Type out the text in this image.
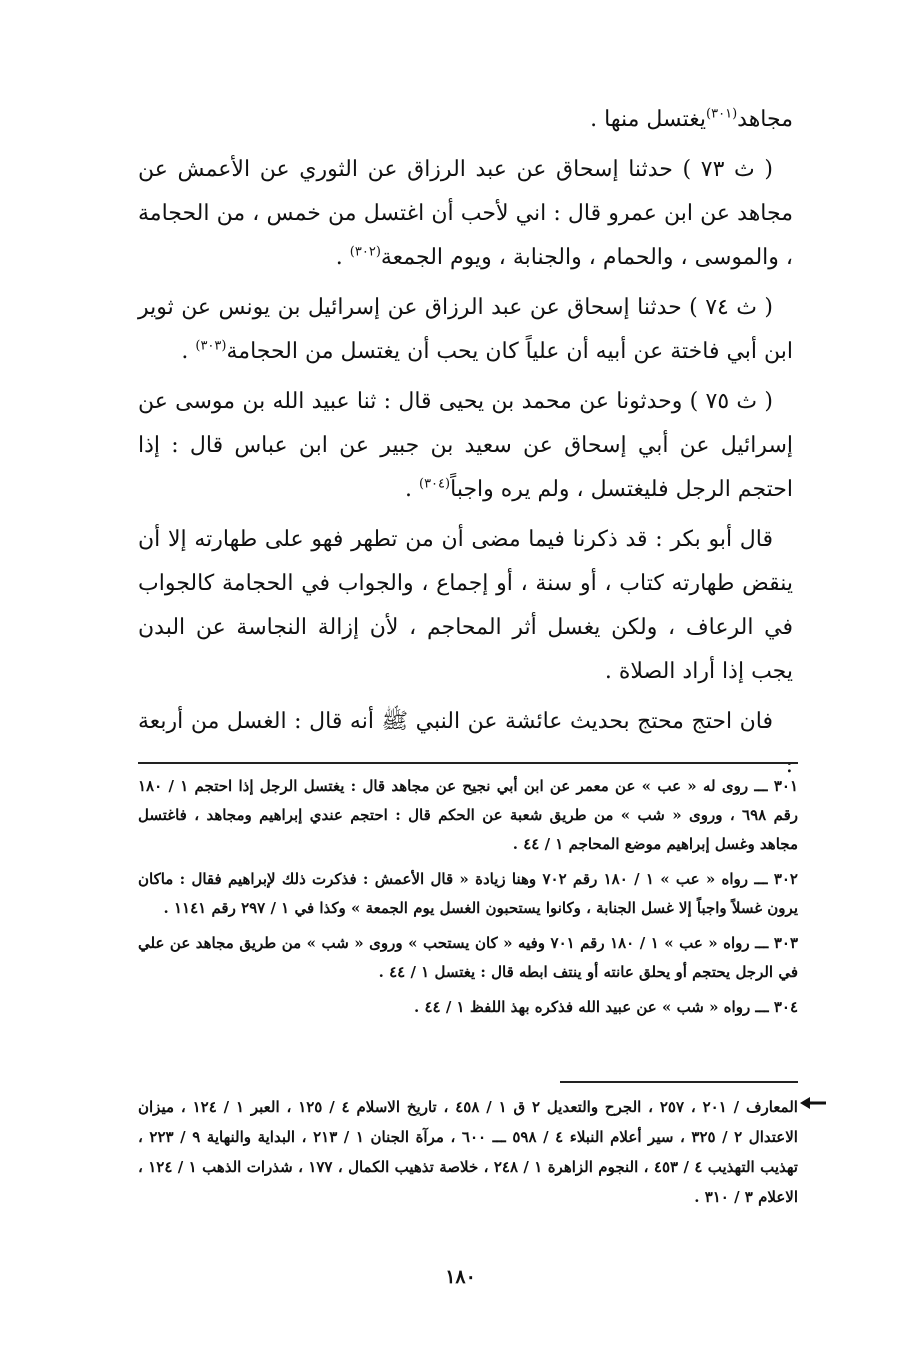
مجاهد$^{(٣٠١)}$يغتسل منها .

( ث ٧٣ ) حدثنا إسحاق عن عبد الرزاق عن الثوري عن الأعمش عن مجاهد عن ابن عمرو قال : اني لأحب أن اغتسل من خمس ، من الحجامة ، والموسى ، والحمام ، والجنابة ، ويوم الجمعة$^{(٣٠٢)}$ .

( ث ٧٤ ) حدثنا إسحاق عن عبد الرزاق عن إسرائيل بن يونس عن ثوير ابن أبي فاختة عن أبيه أن علياً كان يحب أن يغتسل من الحجامة$^{(٣٠٣)}$ .

( ث ٧٥ ) وحدثونا عن محمد بن يحيى قال : ثنا عبيد الله بن موسى عن إسرائيل عن أبي إسحاق عن سعيد بن جبير عن ابن عباس قال : إذا احتجم الرجل فليغتسل ، ولم يره واجباً$^{(٣٠٤)}$ .

قال أبو بكر : قد ذكرنا فيما مضى أن من تطهر فهو على طهارته إلا أن ينقض طهارته كتاب ، أو سنة ، أو إجماع ، والجواب في الحجامة كالجواب في الرعاف ، ولكن يغسل أثر المحاجم ، لأن إزالة النجاسة عن البدن يجب إذا أراد الصلاة .

فان احتج محتج بحديث عائشة عن النبي ﷺ أنه قال : الغسل من أربعة :

٣٠١ ـــ روى له « عب » عن معمر عن ابن أبي نجيح عن مجاهد قال : يغتسل الرجل إذا احتجم ١ / ١٨٠ رقم ٦٩٨ ، وروى « شب » من طريق شعبة عن الحكم قال : احتجم عندي إبراهيم ومجاهد ، فاغتسل مجاهد وغسل إبراهيم موضع المحاجم ١ / ٤٤ .

٣٠٢ ـــ رواه « عب » ١ / ١٨٠ رقم ٧٠٢ وهنا زيادة « قال الأعمش : فذكرت ذلك لإبراهيم فقال : ماكان يرون غسلاً واجباً إلا غسل الجنابة ، وكانوا يستحبون الغسل يوم الجمعة » وكذا في ١ / ٢٩٧ رقم ١١٤١ .

٣٠٣ ـــ رواه « عب » ١ / ١٨٠ رقم ٧٠١ وفيه « كان يستحب » وروى « شب » من طريق مجاهد عن علي في الرجل يحتجم أو يحلق عانته أو ينتف ابطه قال : يغتسل ١ / ٤٤ .

٣٠٤ ـــ رواه « شب » عن عبيد الله فذكره بهذ اللفظ ١ / ٤٤ .

المعارف / ٢٠١ ، ٢٥٧ ، الجرح والتعديل ٢ ق ١ / ٤٥٨ ، تاريخ الاسلام ٤ / ١٢٥ ، العبر ١ / ١٢٤ ، ميزان الاعتدال ٢ / ٣٢٥ ، سير أعلام النبلاء ٤ / ٥٩٨ ـــ ٦٠٠ ، مرآة الجنان ١ / ٢١٣ ، البداية والنهاية ٩ / ٢٢٣ ، تهذيب التهذيب ٤ / ٤٥٣ ، النجوم الزاهرة ١ / ٢٤٨ ، خلاصة تذهيب الكمال ، ١٧٧ ، شذرات الذهب ١ / ١٢٤ ، الاعلام ٣ / ٣١٠ .

١٨٠
